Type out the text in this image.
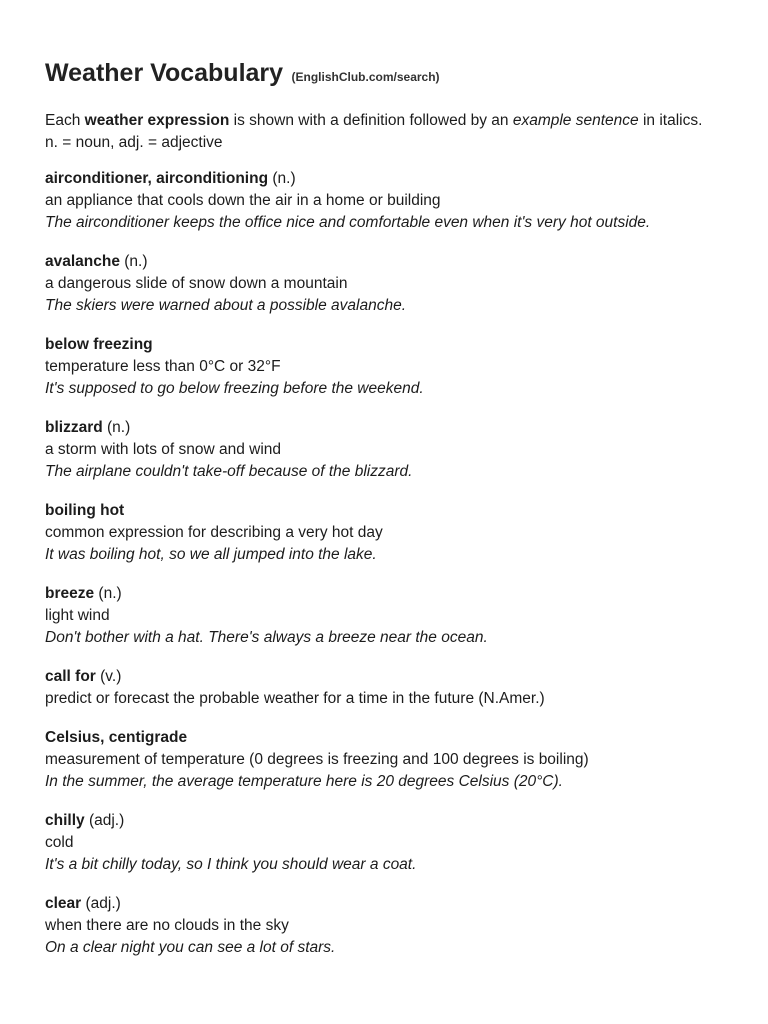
Weather Vocabulary (EnglishClub.com/search)
Each weather expression is shown with a definition followed by an example sentence in italics.
n. = noun, adj. = adjective
airconditioner, airconditioning (n.)
an appliance that cools down the air in a home or building
The airconditioner keeps the office nice and comfortable even when it's very hot outside.
avalanche (n.)
a dangerous slide of snow down a mountain
The skiers were warned about a possible avalanche.
below freezing
temperature less than 0°C or 32°F
It's supposed to go below freezing before the weekend.
blizzard (n.)
a storm with lots of snow and wind
The airplane couldn't take-off because of the blizzard.
boiling hot
common expression for describing a very hot day
It was boiling hot, so we all jumped into the lake.
breeze (n.)
light wind
Don't bother with a hat. There's always a breeze near the ocean.
call for (v.)
predict or forecast the probable weather for a time in the future (N.Amer.)
Celsius, centigrade
measurement of temperature (0 degrees is freezing and 100 degrees is boiling)
In the summer, the average temperature here is 20 degrees Celsius (20°C).
chilly (adj.)
cold
It's a bit chilly today, so I think you should wear a coat.
clear (adj.)
when there are no clouds in the sky
On a clear night you can see a lot of stars.
